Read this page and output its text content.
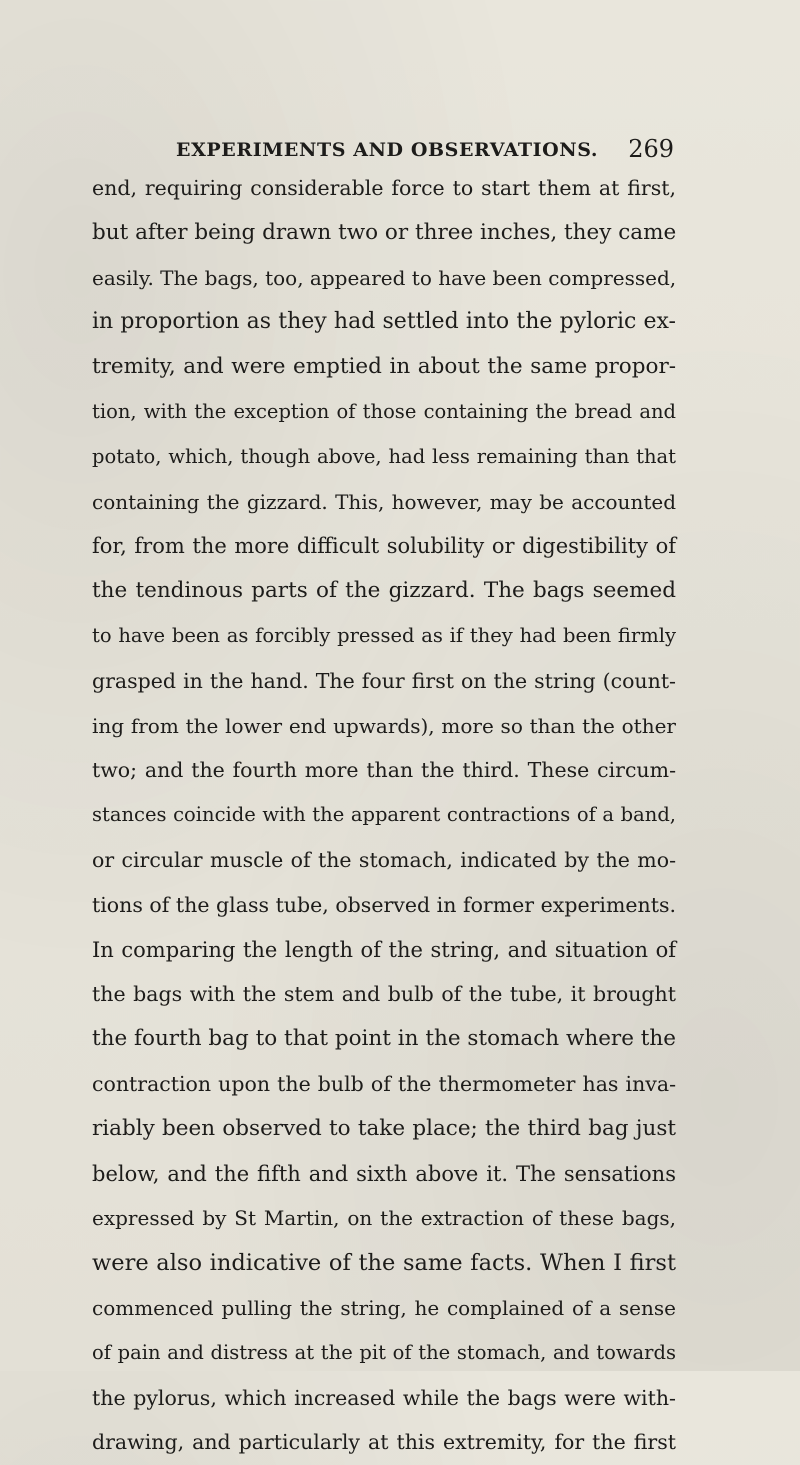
EXPERIMENTS AND OBSERVATIONS. 269
end, requiring considerable force to start them at first,
but after being drawn two or three inches, they came
easily. The bags, too, appeared to have been compressed,
in proportion as they had settled into the pyloric ex-
tremity, and were emptied in about the same propor-
tion, with the exception of those containing the bread and
potato, which, though above, had less remaining than that
containing the gizzard. This, however, may be accounted
for, from the more difficult solubility or digestibility of
the tendinous parts of the gizzard. The bags seemed
to have been as forcibly pressed as if they had been firmly
grasped in the hand. The four first on the string (count-
ing from the lower end upwards), more so than the other
two; and the fourth more than the third. These circum-
stances coincide with the apparent contractions of a band,
or circular muscle of the stomach, indicated by the mo-
tions of the glass tube, observed in former experiments.
In comparing the length of the string, and situation of
the bags with the stem and bulb of the tube, it brought
the fourth bag to that point in the stomach where the
contraction upon the bulb of the thermometer has inva-
riably been observed to take place; the third bag just
below, and the fifth and sixth above it. The sensations
expressed by St Martin, on the extraction of these bags,
were also indicative of the same facts. When I first
commenced pulling the string, he complained of a sense
of pain and distress at the pit of the stomach, and towards
the pylorus, which increased while the bags were with-
drawing, and particularly at this extremity, for the first
